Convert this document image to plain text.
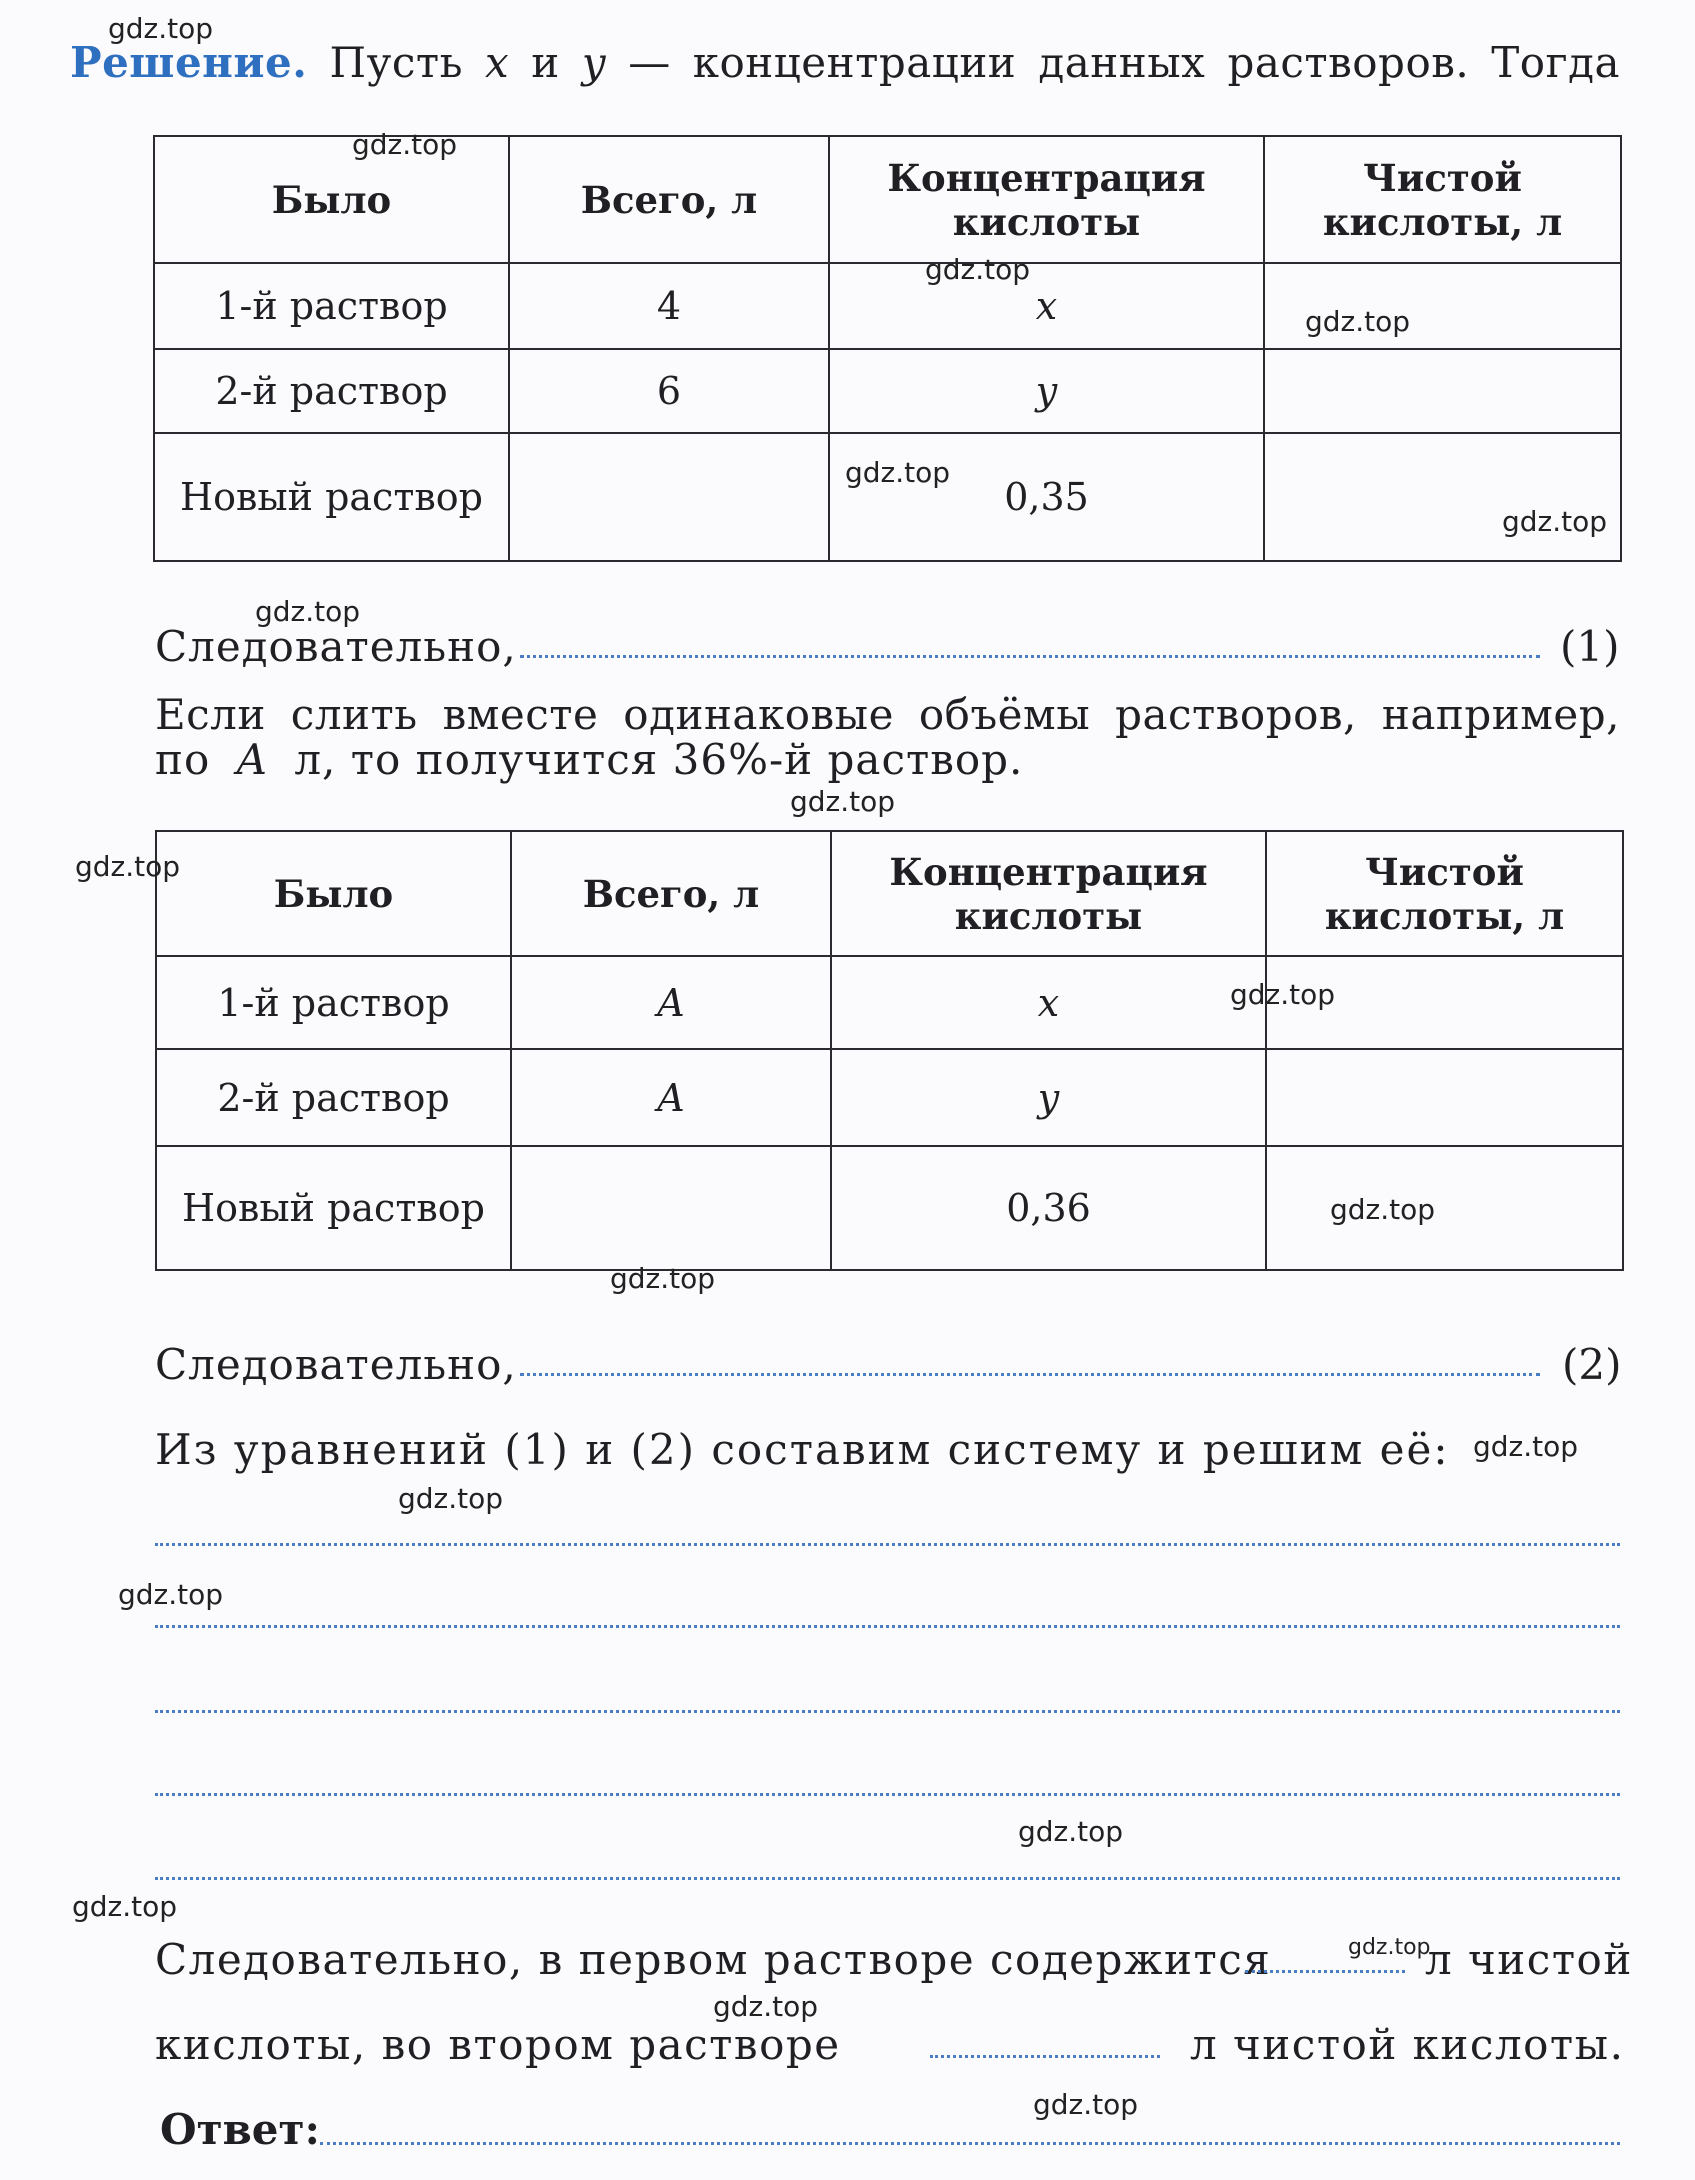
Решение. Пусть x и y — концентрации данных растворов. Тогда
Было	Всего, л	Концентрация кислоты	Чистой кислоты, л
1-й раствор	4	x	
2-й раствор	6	y	
Новый раствор		0,35	
Следовательно,	(1)
Если слить вместе одинаковые объёмы растворов, например,
по A л, то получится 36%-й раствор.
Было	Всего, л	Концентрация кислоты	Чистой кислоты, л
1-й раствор	A	x	
2-й раствор	A	y	
Новый раствор		0,36	
Следовательно,	(2)
Из уравнений (1) и (2) составим систему и решим её:
Следовательно, в первом растворе содержится	л чистой
кислоты, во втором растворе	л чистой кислоты.
Ответ:
gdz.top
gdz.top
gdz.top
gdz.top
gdz.top
gdz.top
gdz.top
gdz.top
gdz.top
gdz.top
gdz.top
gdz.top
gdz.top
gdz.top
gdz.top
gdz.top
gdz.top
gdz.top
gdz.top
gdz.top
